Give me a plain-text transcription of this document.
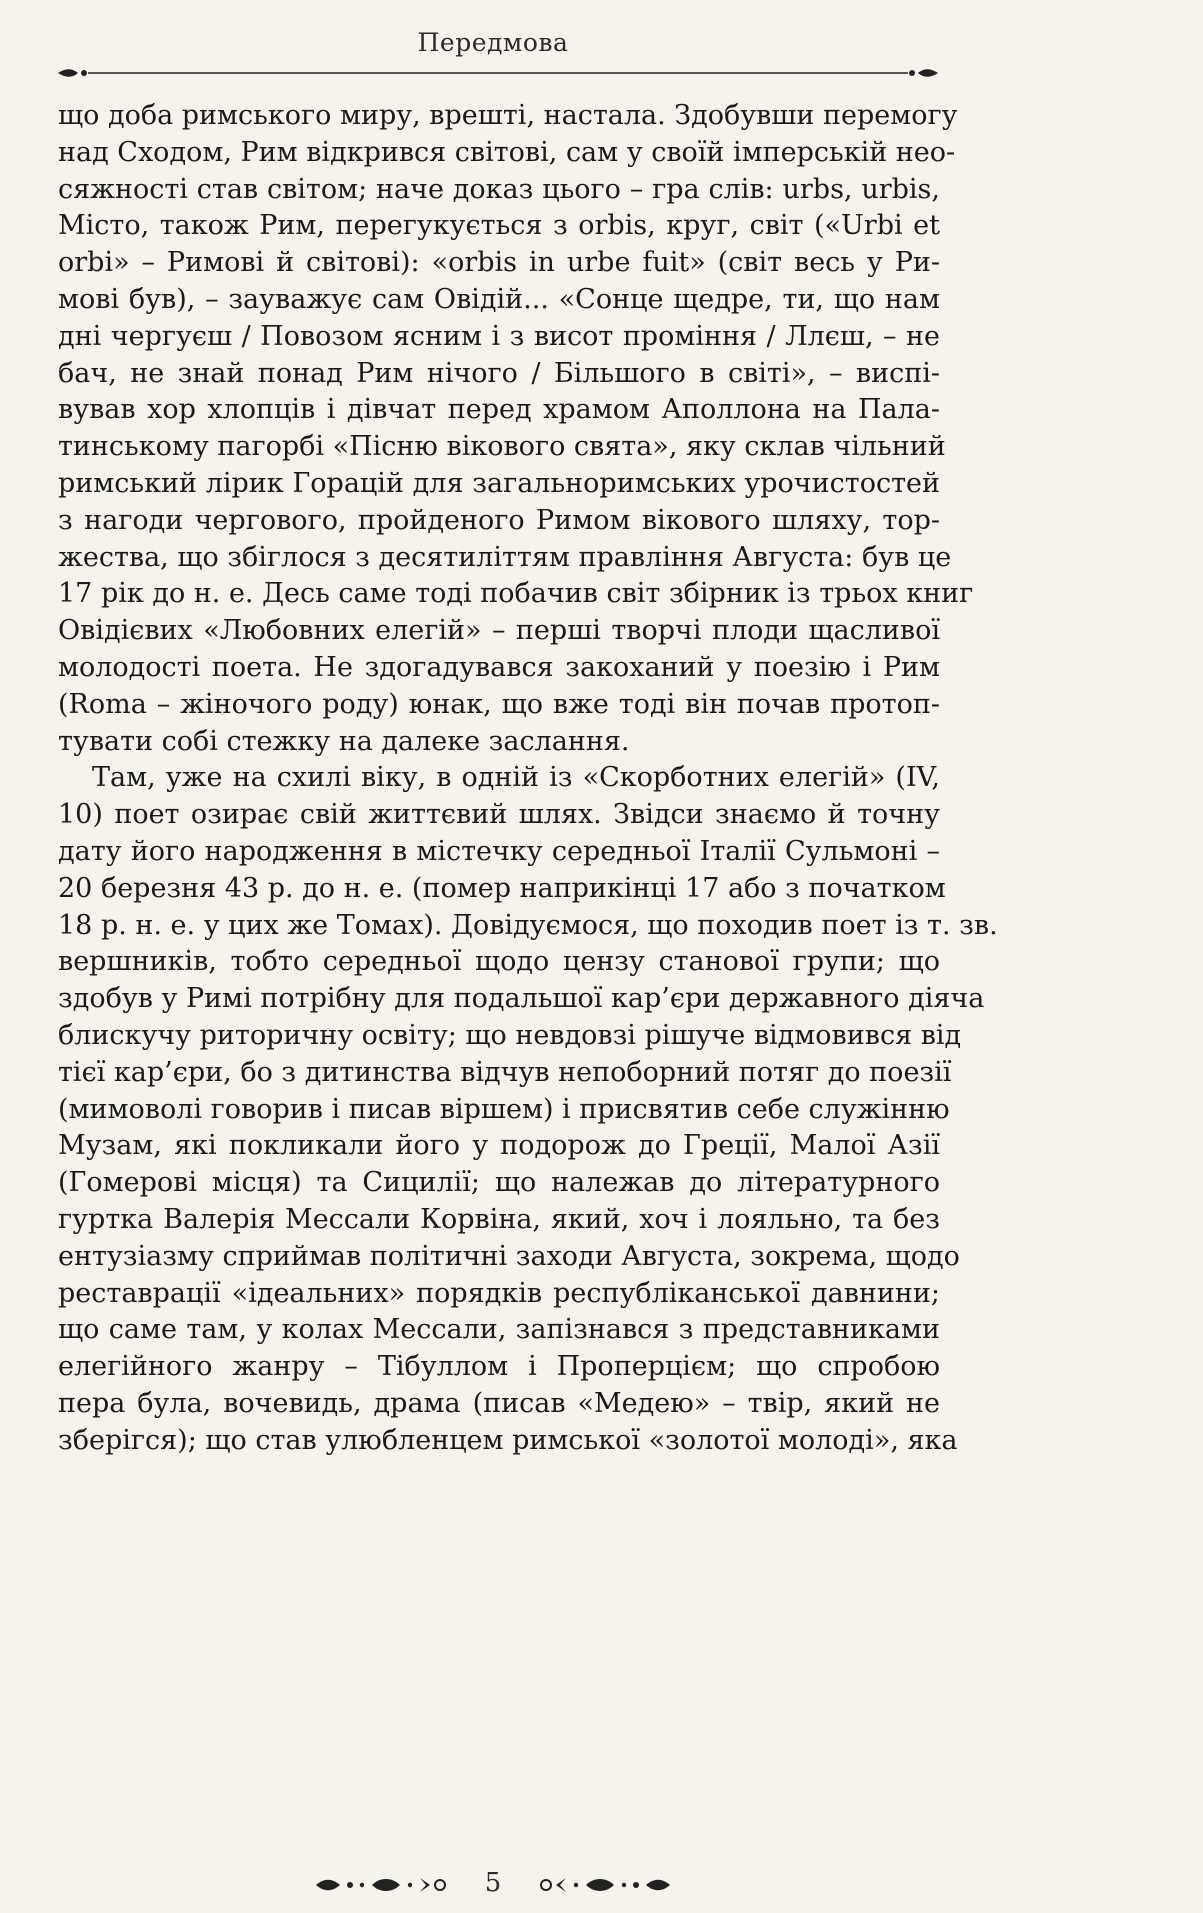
Передмова
що доба римського миру, врешті, настала. Здобувши перемогу
над Сходом, Рим відкрився світові, сам у своїй імперській нео-
сяжності став світом; наче доказ цього – гра слів: urbs, urbis,
Місто, також Рим, перегукується з orbis, круг, світ («Urbi et
orbi» – Римові й світові): «orbis in urbe fuit» (світ весь у Ри-
мові був), – зауважує сам Овідій... «Сонце щедре, ти, що нам
дні чергуєш / Повозом ясним і з висот проміння / Ллєш, – не
бач, не знай понад Рим нічого / Більшого в світі», – виспі-
вував хор хлопців і дівчат перед храмом Аполлона на Пала-
тинському пагорбі «Пісню вікового свята», яку склав чільний
римський лірик Горацій для загальноримських урочистостей
з нагоди чергового, пройденого Римом вікового шляху, тор-
жества, що збіглося з десятиліттям правління Августа: був це
17 рік до н. е. Десь саме тоді побачив світ збірник із трьох книг
Овідієвих «Любовних елегій» – перші творчі плоди щасливої
молодості поета. Не здогадувався закоханий у поезію і Рим
(Roma – жіночого роду) юнак, що вже тоді він почав протоп-
тувати собі стежку на далеке заслання.
Там, уже на схилі віку, в одній із «Скорботних елегій» (IV,
10) поет озирає свій життєвий шлях. Звідси знаємо й точну
дату його народження в містечку середньої Італії Сульмоні –
20 березня 43 р. до н. е. (помер наприкінці 17 або з початком
18 р. н. е. у цих же Томах). Довідуємося, що походив поет із т. зв.
вершників, тобто середньої щодо цензу станової групи; що
здобув у Римі потрібну для подальшої кар’єри державного діяча
блискучу риторичну освіту; що невдовзі рішуче відмовився від
тієї кар’єри, бо з дитинства відчув непоборний потяг до поезії
(мимоволі говорив і писав віршем) і присвятив себе служінню
Музам, які покликали його у подорож до Греції, Малої Азії
(Гомерові місця) та Сицилії; що належав до літературного
гуртка Валерія Мессали Корвіна, який, хоч і лояльно, та без
ентузіазму сприймав політичні заходи Августа, зокрема, щодо
реставрації «ідеальних» порядків республіканської давнини;
що саме там, у колах Мессали, запізнався з представниками
елегійного жанру – Тібуллом і Проперцієм; що спробою
пера була, вочевидь, драма (писав «Медею» – твір, який не
зберігся); що став улюбленцем римської «золотої молоді», яка
5
